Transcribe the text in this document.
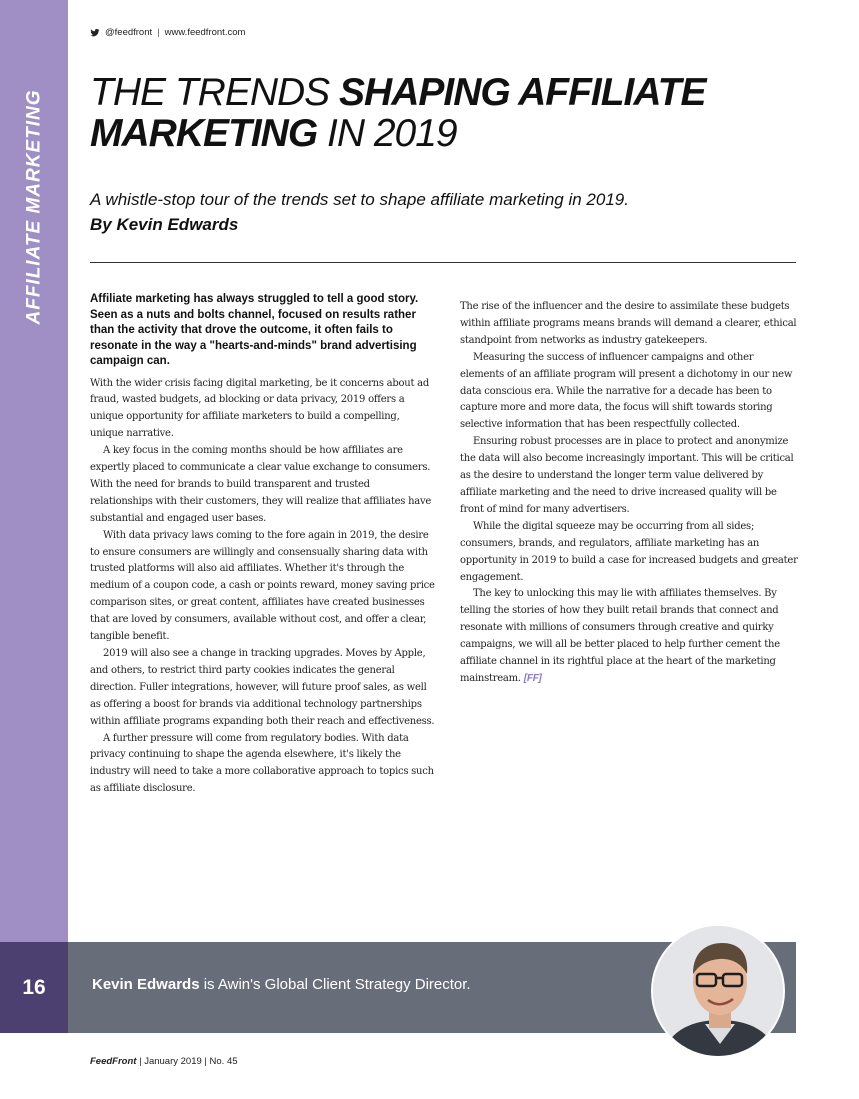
AFFILIATE MARKETING
@feedfront | www.feedfront.com
THE TRENDS SHAPING AFFILIATE MARKETING IN 2019
A whistle-stop tour of the trends set to shape affiliate marketing in 2019.
By Kevin Edwards
Affiliate marketing has always struggled to tell a good story. Seen as a nuts and bolts channel, focused on results rather than the activity that drove the outcome, it often fails to resonate in the way a "hearts-and-minds" brand advertising campaign can.

With the wider crisis facing digital marketing, be it concerns about ad fraud, wasted budgets, ad blocking or data privacy, 2019 offers a unique opportunity for affiliate marketers to build a compelling, unique narrative.

A key focus in the coming months should be how affiliates are expertly placed to communicate a clear value exchange to consumers. With the need for brands to build transparent and trusted relationships with their customers, they will realize that affiliates have substantial and engaged user bases.

With data privacy laws coming to the fore again in 2019, the desire to ensure consumers are willingly and consensually sharing data with trusted platforms will also aid affiliates. Whether it's through the medium of a coupon code, a cash or points reward, money saving price comparison sites, or great content, affiliates have created businesses that are loved by consumers, available without cost, and offer a clear, tangible benefit.

2019 will also see a change in tracking upgrades. Moves by Apple, and others, to restrict third party cookies indicates the general direction. Fuller integrations, however, will future proof sales, as well as offering a boost for brands via additional technology partnerships within affiliate programs expanding both their reach and effectiveness.

A further pressure will come from regulatory bodies. With data privacy continuing to shape the agenda elsewhere, it's likely the industry will need to take a more collaborative approach to topics such as affiliate disclosure.

The rise of the influencer and the desire to assimilate these budgets within affiliate programs means brands will demand a clearer, ethical standpoint from networks as industry gatekeepers.

Measuring the success of influencer campaigns and other elements of an affiliate program will present a dichotomy in our new data conscious era. While the narrative for a decade has been to capture more and more data, the focus will shift towards storing selective information that has been respectfully collected.

Ensuring robust processes are in place to protect and anonymize the data will also become increasingly important. This will be critical as the desire to understand the longer term value delivered by affiliate marketing and the need to drive increased quality will be front of mind for many advertisers.

While the digital squeeze may be occurring from all sides; consumers, brands, and regulators, affiliate marketing has an opportunity in 2019 to build a case for increased budgets and greater engagement.

The key to unlocking this may lie with affiliates themselves. By telling the stories of how they built retail brands that connect and resonate with millions of consumers through creative and quirky campaigns, we will all be better placed to help further cement the affiliate channel in its rightful place at the heart of the marketing mainstream. [FF]

16	Kevin Edwards is Awin's Global Client Strategy Director.
FeedFront | January 2019 | No. 45
